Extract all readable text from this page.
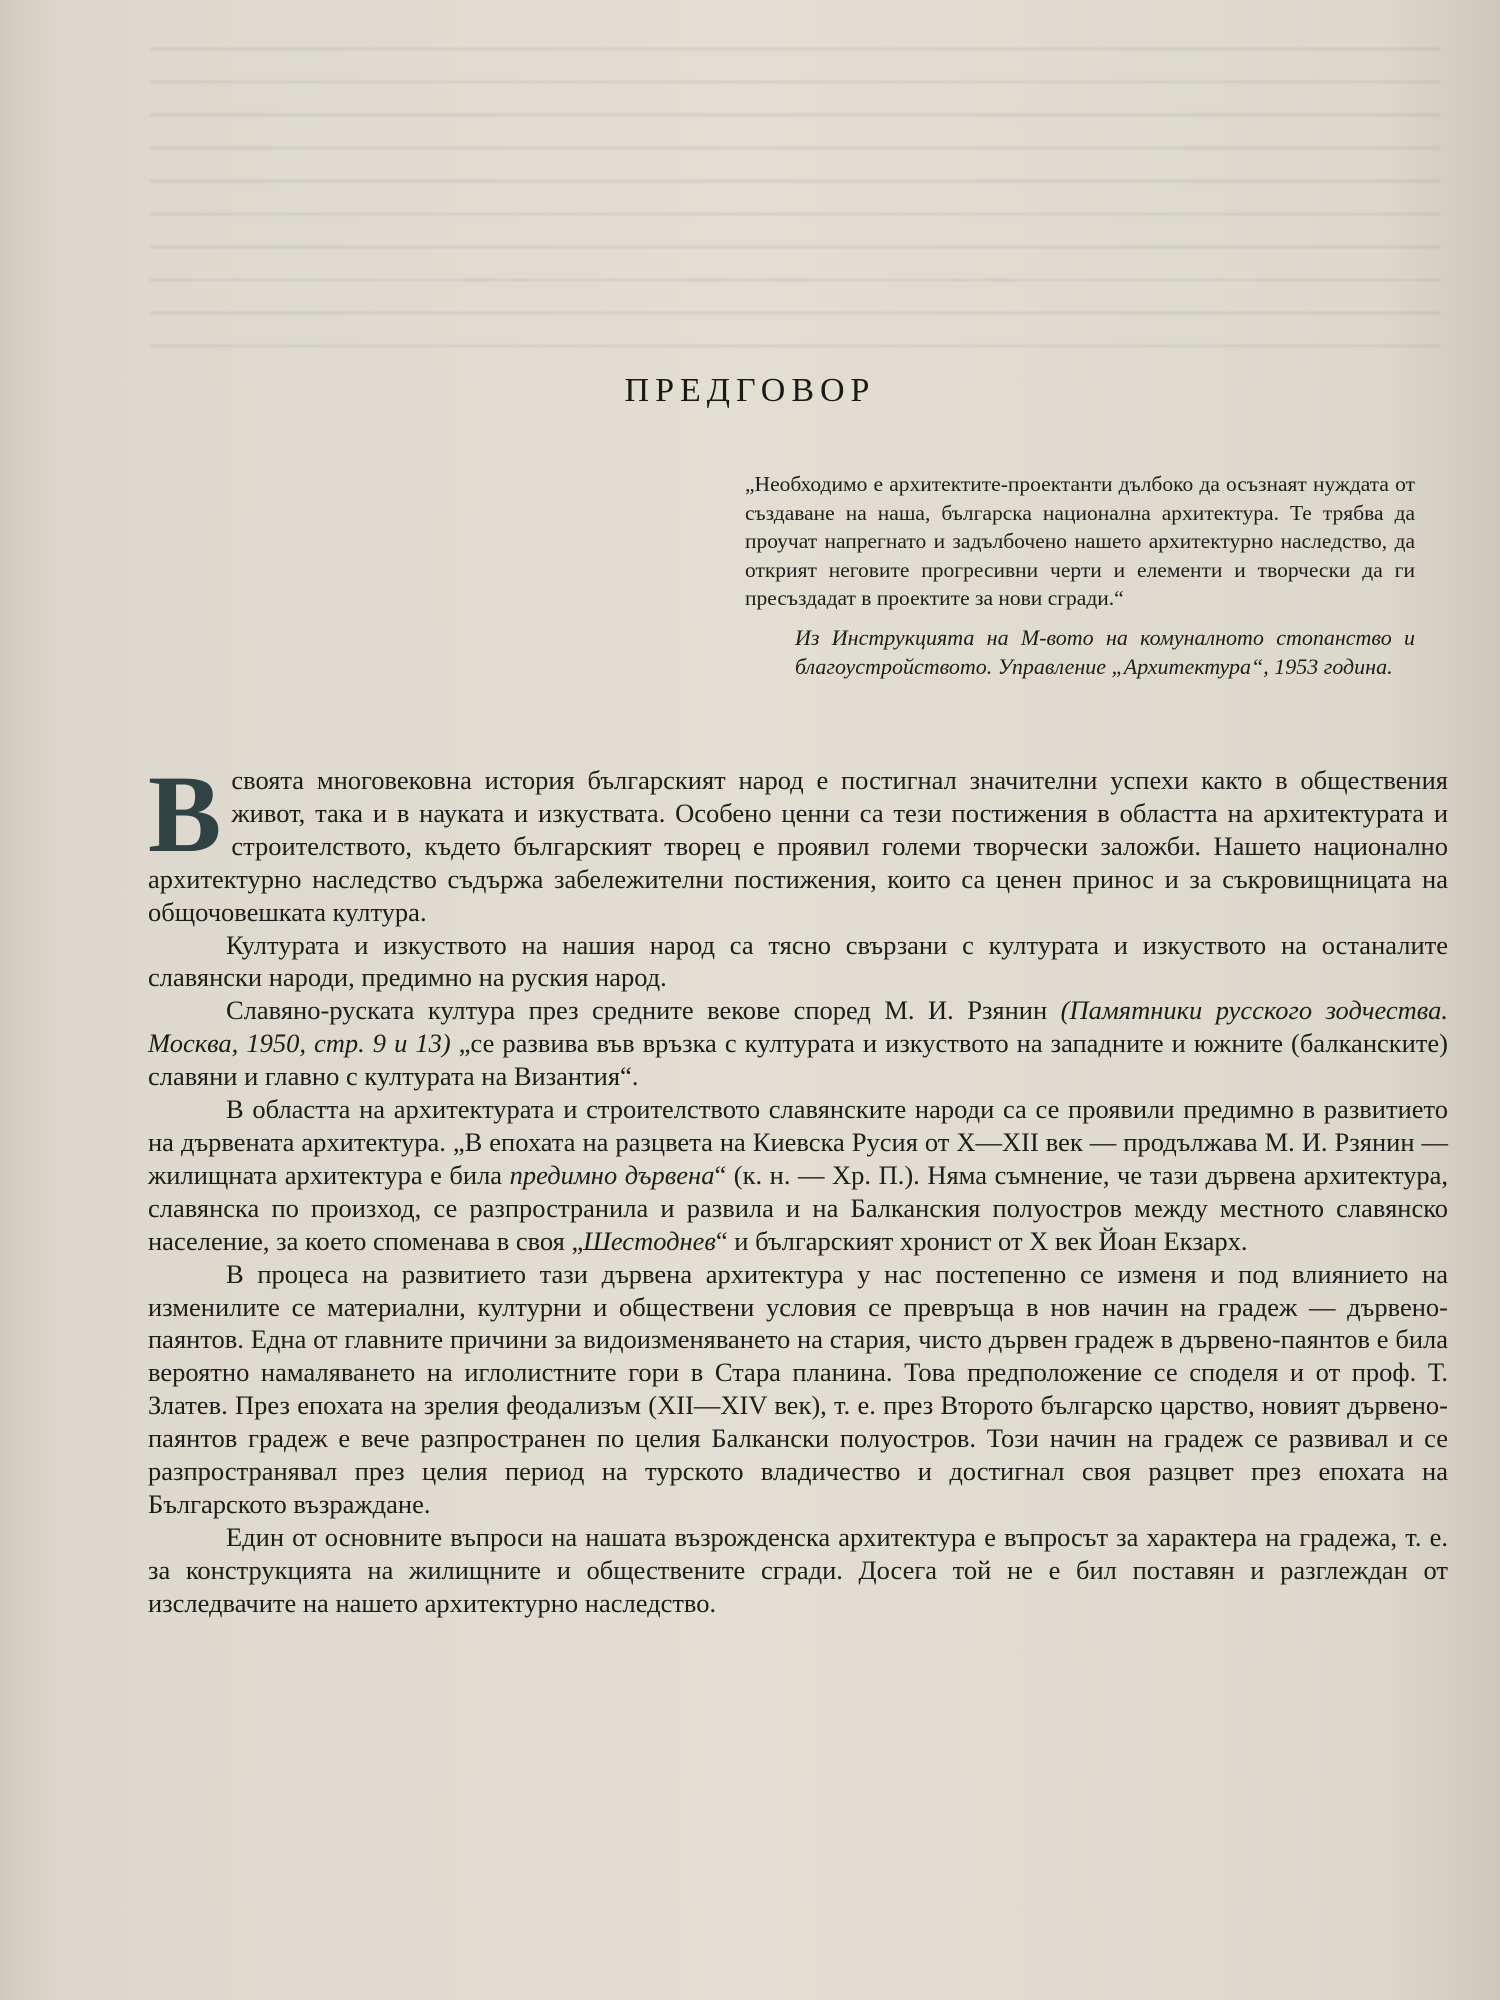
ПРЕДГОВОР

„Необходимо е архитектите-проектанти дълбоко да осъзнаят нуждата от създаване на наша, българска национална архитектура. Те трябва да проучат напрегнато и задълбочено нашето архитектурно наследство, да открият неговите прогресивни черти и елементи и творчески да ги пресъздадат в проектите за нови сгради.“

Из Инструкцията на М-вото на комуналното стопанство и благоустройството. Управление „Архитектура“, 1953 година.

Всвоята многовековна история българският народ е постигнал значителни успехи както в обществения живот, така и в науката и изкуствата. Особено ценни са тези постижения в областта на архитектурата и строителството, където българският творец е проявил големи творчески заложби. Нашето национално архитектурно наследство съдържа забележителни постижения, които са ценен принос и за съкровищницата на общочовешката култура.

Културата и изкуството на нашия народ са тясно свързани с културата и изкуството на останалите славянски народи, предимно на руския народ.

Славяно-руската култура през средните векове според М. И. Рзянин (Памятники русского зодчества. Москва, 1950, стр. 9 и 13) „се развива във връзка с културата и изкуството на западните и южните (балканските) славяни и главно с културата на Византия“.

В областта на архитектурата и строителството славянските народи са се проявили предимно в развитието на дървената архитектура. „В епохата на разцвета на Киевска Русия от X—XII век — продължава М. И. Рзянин — жилищната архитектура е била предимно дървена“ (к. н. — Хр. П.). Няма съмнение, че тази дървена архитектура, славянска по произход, се разпространила и развила и на Балканския полуостров между местното славянско население, за което споменава в своя „Шестоднев“ и българският хронист от X век Йоан Екзарх.

В процеса на развитието тази дървена архитектура у нас постепенно се изменя и под влиянието на изменилите се материални, културни и обществени условия се превръща в нов начин на градеж — дървено-паянтов. Една от главните причини за видоизменяването на стария, чисто дървен градеж в дървено-паянтов е била вероятно намаляването на иглолистните гори в Стара планина. Това предположение се споделя и от проф. Т. Златев. През епохата на зрелия феодализъм (XII—XIV век), т. е. през Второто българско царство, новият дървено-паянтов градеж е вече разпространен по целия Балкански полуостров. Този начин на градеж се развивал и се разпространявал през целия период на турското владичество и достигнал своя разцвет през епохата на Българското възраждане.

Един от основните въпроси на нашата възрожденска архитектура е въпросът за характера на градежа, т. е. за конструкцията на жилищните и обществените сгради. Досега той не е бил поставян и разглеждан от изследвачите на нашето архитектурно наследство.
